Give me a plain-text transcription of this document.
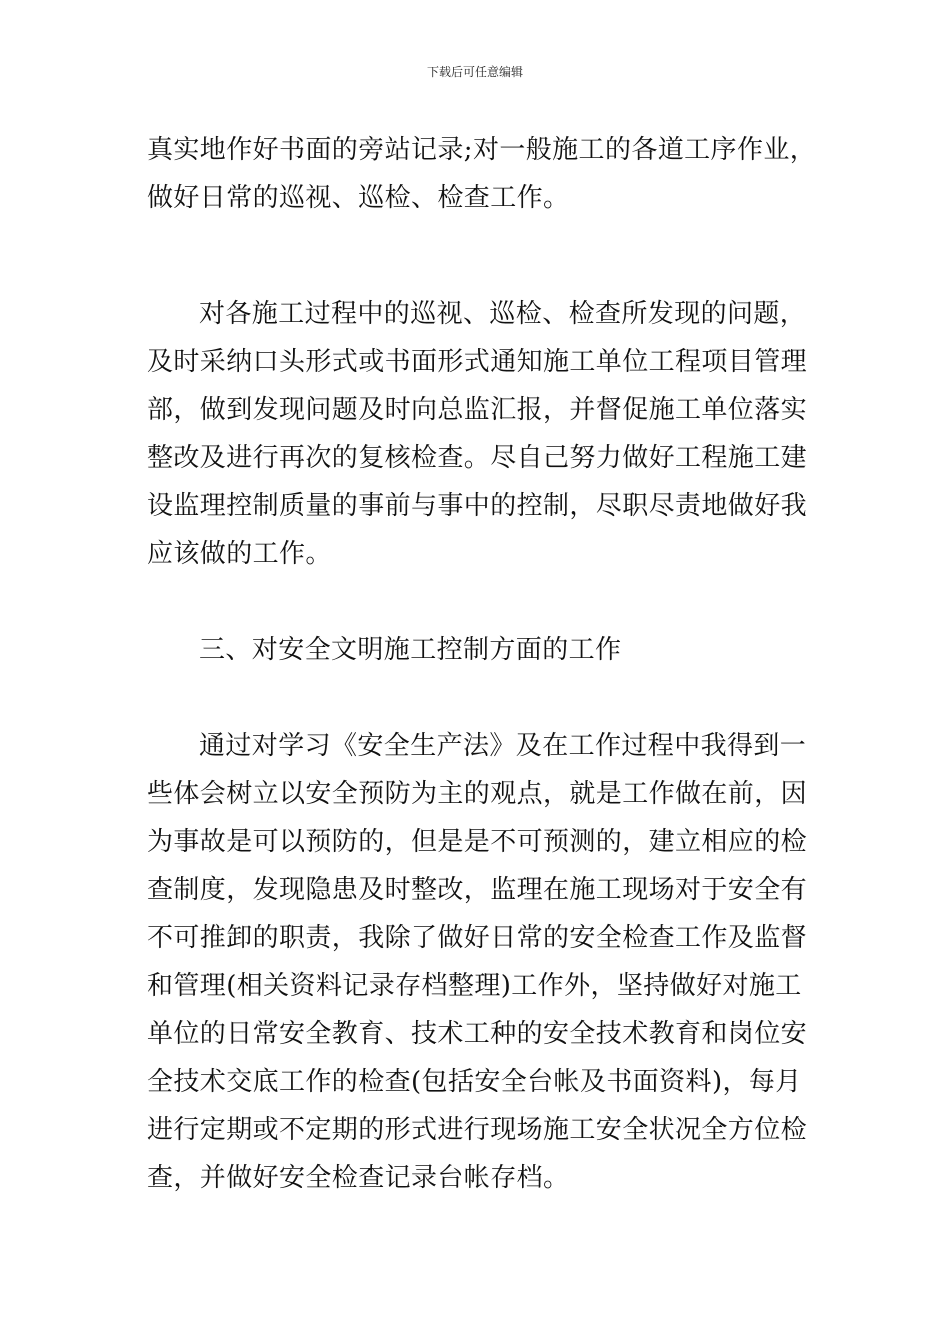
下载后可任意编辑
真实地作好书面的旁站记录;对一般施工的各道工序作业，
做好日常的巡视、巡检、检查工作。
对各施工过程中的巡视、巡检、检查所发现的问题，
及时采纳口头形式或书面形式通知施工单位工程项目管理
部，做到发现问题及时向总监汇报，并督促施工单位落实
整改及进行再次的复核检查。尽自己努力做好工程施工建
设监理控制质量的事前与事中的控制，尽职尽责地做好我
应该做的工作。
三、对安全文明施工控制方面的工作
通过对学习《安全生产法》及在工作过程中我得到一
些体会树立以安全预防为主的观点，就是工作做在前，因
为事故是可以预防的，但是是不可预测的，建立相应的检
查制度，发现隐患及时整改，监理在施工现场对于安全有
不可推卸的职责，我除了做好日常的安全检查工作及监督
和管理(相关资料记录存档整理)工作外，坚持做好对施工
单位的日常安全教育、技术工种的安全技术教育和岗位安
全技术交底工作的检查(包括安全台帐及书面资料)，每月
进行定期或不定期的形式进行现场施工安全状况全方位检
查，并做好安全检查记录台帐存档。
